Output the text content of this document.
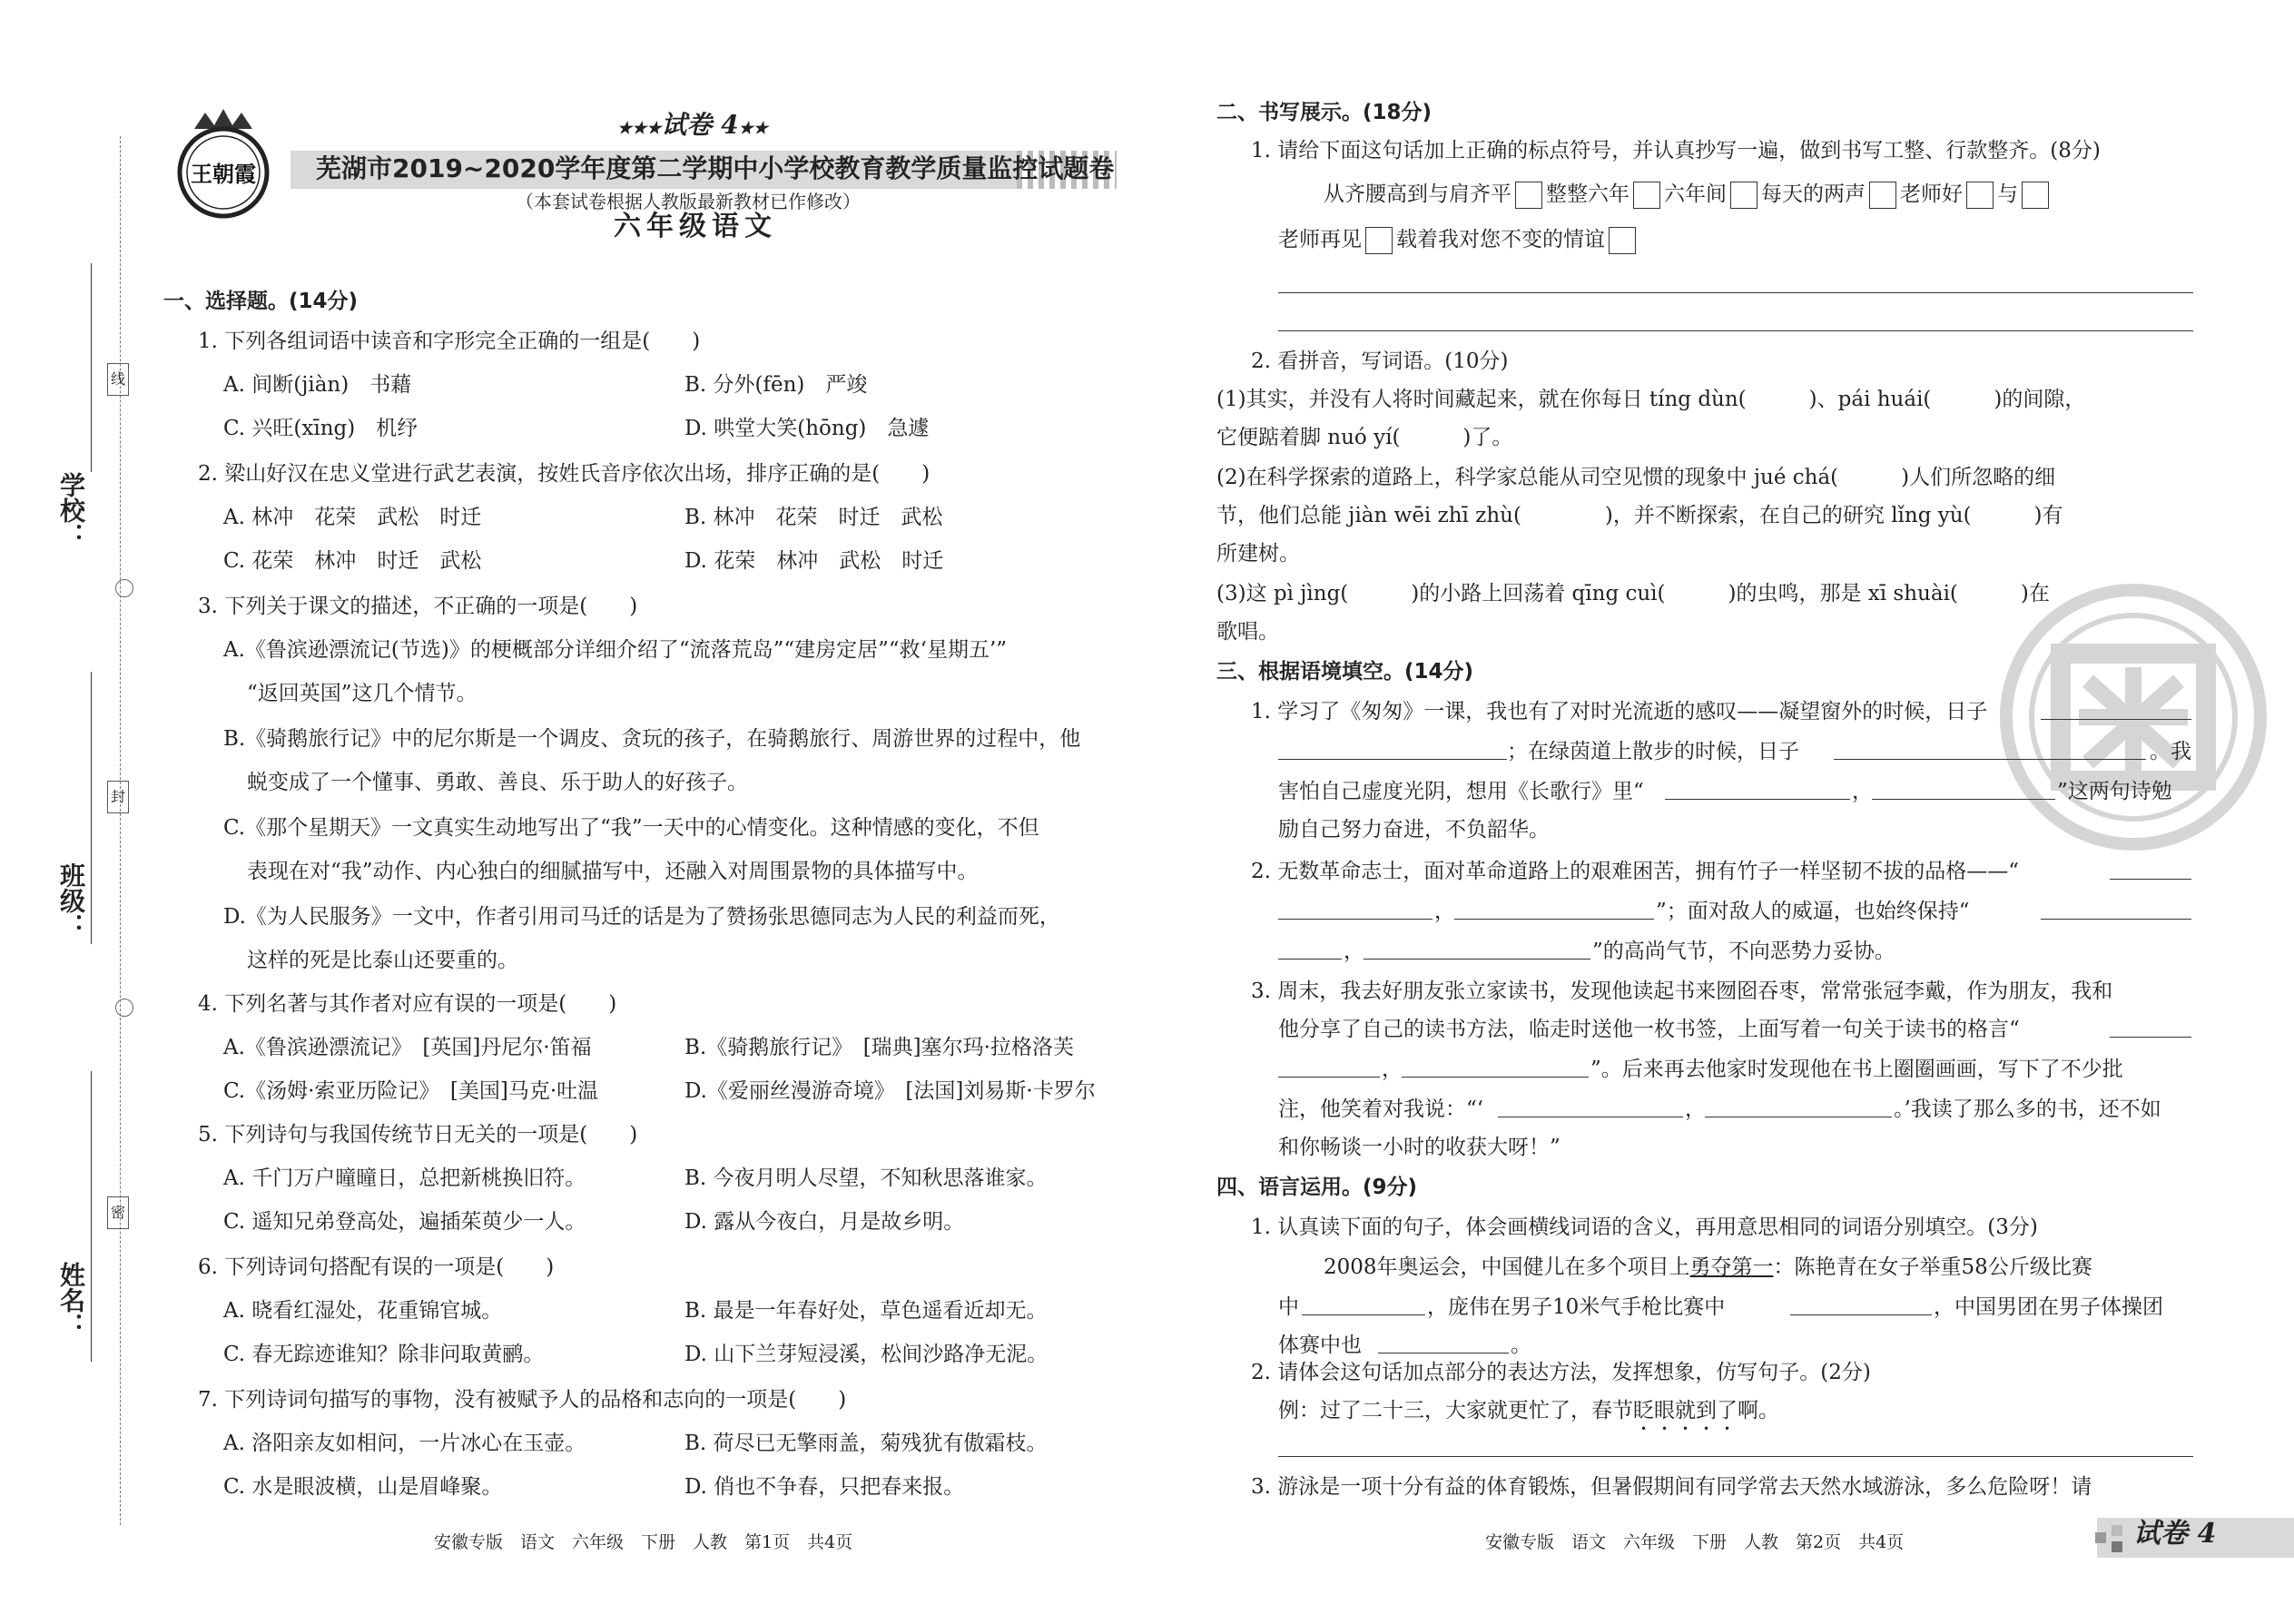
学校：
班级：
姓名：
线
封
密
王朝霞
★★★试卷 4★★
芜湖市2019~2020学年度第二学期中小学校教育教学质量监控试题卷
（本套试卷根据人教版最新教材已作修改）
六年级语文
一、选择题。(14分)
1. 下列各组词语中读音和字形完全正确的一组是(　　)
A. 间断(jiàn)　书藉	B. 分外(fēn)　严竣
C. 兴旺(xīng)　机纾	D. 哄堂大笑(hōng)　急遽
2. 梁山好汉在忠义堂进行武艺表演，按姓氏音序依次出场，排序正确的是(　　)
A. 林冲　花荣　武松　时迁	B. 林冲　花荣　时迁　武松
C. 花荣　林冲　时迁　武松	D. 花荣　林冲　武松　时迁
3. 下列关于课文的描述，不正确的一项是(　　)
A.《鲁滨逊漂流记(节选)》的梗概部分详细介绍了“流落荒岛”“建房定居”“救‘星期五’”
“返回英国”这几个情节。
B.《骑鹅旅行记》中的尼尔斯是一个调皮、贪玩的孩子，在骑鹅旅行、周游世界的过程中，他
蜕变成了一个懂事、勇敢、善良、乐于助人的好孩子。
C.《那个星期天》一文真实生动地写出了“我”一天中的心情变化。这种情感的变化，不但
表现在对“我”动作、内心独白的细腻描写中，还融入对周围景物的具体描写中。
D.《为人民服务》一文中，作者引用司马迁的话是为了赞扬张思德同志为人民的利益而死，
这样的死是比泰山还要重的。
4. 下列名著与其作者对应有误的一项是(　　)
A.《鲁滨逊漂流记》　[英国]丹尼尔·笛福	B.《骑鹅旅行记》　[瑞典]塞尔玛·拉格洛芙
C.《汤姆·索亚历险记》　[美国]马克·吐温	D.《爱丽丝漫游奇境》　[法国]刘易斯·卡罗尔
5. 下列诗句与我国传统节日无关的一项是(　　)
A. 千门万户曈曈日，总把新桃换旧符。	B. 今夜月明人尽望，不知秋思落谁家。
C. 遥知兄弟登高处，遍插茱萸少一人。	D. 露从今夜白，月是故乡明。
6. 下列诗词句搭配有误的一项是(　　)
A. 晓看红湿处，花重锦官城。	B. 最是一年春好处，草色遥看近却无。
C. 春无踪迹谁知？除非问取黄鹂。	D. 山下兰芽短浸溪，松间沙路净无泥。
7. 下列诗词句描写的事物，没有被赋予人的品格和志向的一项是(　　)
A. 洛阳亲友如相问，一片冰心在玉壶。	B. 荷尽已无擎雨盖，菊残犹有傲霜枝。
C. 水是眼波横，山是眉峰聚。	D. 俏也不争春，只把春来报。
安徽专版　语文　六年级　下册　人教　第1页　共4页
二、书写展示。(18分)
1. 请给下面这句话加上正确的标点符号，并认真抄写一遍，做到书写工整、行款整齐。(8分)
从齐腰高到与肩齐平 整整六年 六年间 每天的两声 老师好 与
老师再见 载着我对您不变的情谊
2. 看拼音，写词语。(10分)
(1)其实，并没有人将时间藏起来，就在你每日 tíng dùn(　　　)、pái huái(　　　)的间隙，
它便踮着脚 nuó yí(　　　)了。
(2)在科学探索的道路上，科学家总能从司空见惯的现象中 jué chá(　　　)人们所忽略的细
节，他们总能 jiàn wēi zhī zhù(　　　　)，并不断探索，在自己的研究 lǐng yù(　　　)有
所建树。
(3)这 pì jìng(　　　)的小路上回荡着 qīng cuì(　　　)的虫鸣，那是 xī shuài(　　　)在
歌唱。
三、根据语境填空。(14分)
1. 学习了《匆匆》一课，我也有了对时光流逝的感叹——凝望窗外的时候，日子
；在绿茵道上散步的时候，日子	。我
害怕自己虚度光阴，想用《长歌行》里“	，	”这两句诗勉
励自己努力奋进，不负韶华。
2. 无数革命志士，面对革命道路上的艰难困苦，拥有竹子一样坚韧不拔的品格——“
，	”；面对敌人的威逼，也始终保持“
，	”的高尚气节，不向恶势力妥协。
3. 周末，我去好朋友张立家读书，发现他读起书来囫囵吞枣，常常张冠李戴，作为朋友，我和
他分享了自己的读书方法，临走时送他一枚书签，上面写着一句关于读书的格言“
，	”。后来再去他家时发现他在书上圈圈画画，写下了不少批
注，他笑着对我说：“‘	，	。’我读了那么多的书，还不如
和你畅谈一小时的收获大呀！”
四、语言运用。(9分)
1. 认真读下面的句子，体会画横线词语的含义，再用意思相同的词语分别填空。(3分)
2008年奥运会，中国健儿在多个项目上勇夺第一：陈艳青在女子举重58公斤级比赛
中	，庞伟在男子10米气手枪比赛中	，中国男团在男子体操团
体赛中也	。
2. 请体会这句话加点部分的表达方法，发挥想象，仿写句子。(2分)
例：过了二十三，大家就更忙了，春节眨眼就到了啊。
3. 游泳是一项十分有益的体育锻炼，但暑假期间有同学常去天然水域游泳，多么危险呀！请
安徽专版　语文　六年级　下册　人教　第2页　共4页	试卷 4
